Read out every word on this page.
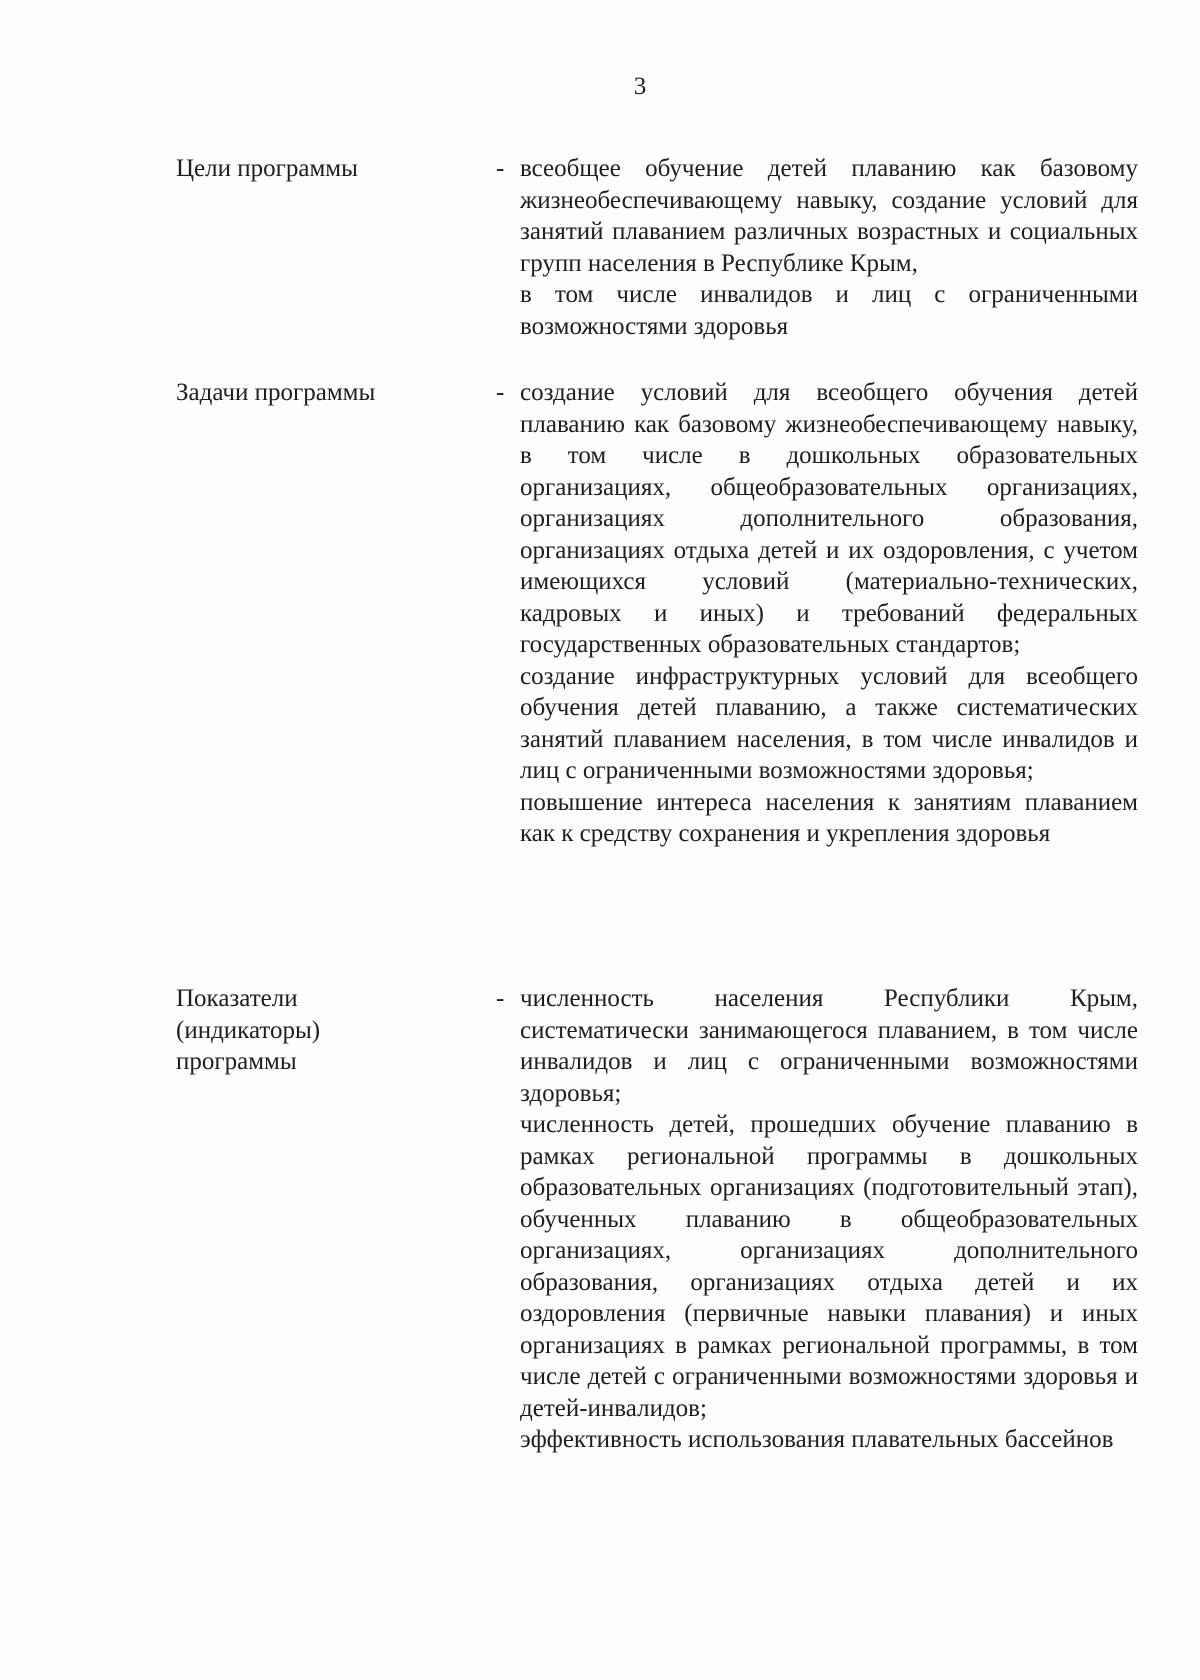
3
Цели программы	- всеобщее обучение детей плаванию как базовому жизнеобеспечивающему навыку, создание условий для занятий плаванием различных возрастных и социальных групп населения в Республике Крым,

в том числе инвалидов и лиц с ограниченными возможностями здоровья

Задачи программы	- создание условий для всеобщего обучения детей плаванию как базовому жизнеобеспечивающему навыку, в том числе в дошкольных образовательных организациях, общеобразовательных организациях, организациях дополнительного образования, организациях отдыха детей и их оздоровления, с учетом имеющихся условий (материально-технических, кадровых и иных) и требований федеральных государственных образовательных стандартов;

создание инфраструктурных условий для всеобщего обучения детей плаванию, а также систематических занятий плаванием населения, в том числе инвалидов и лиц с ограниченными возможностями здоровья;

повышение интереса населения к занятиям плаванием как к средству сохранения и укрепления здоровья

Показатели
(индикаторы)
программы
- численность населения Республики Крым, систематически занимающегося плаванием, в том числе инвалидов и лиц с ограниченными возможностями здоровья;

численность детей, прошедших обучение плаванию в рамках региональной программы в дошкольных образовательных организациях (подготовительный этап), обученных плаванию в общеобразовательных организациях, организациях дополнительного образования, организациях отдыха детей и их оздоровления (первичные навыки плавания) и иных организациях в рамках региональной программы, в том числе детей с ограниченными возможностями здоровья и детей-инвалидов;

эффективность использования плавательных бассейнов
